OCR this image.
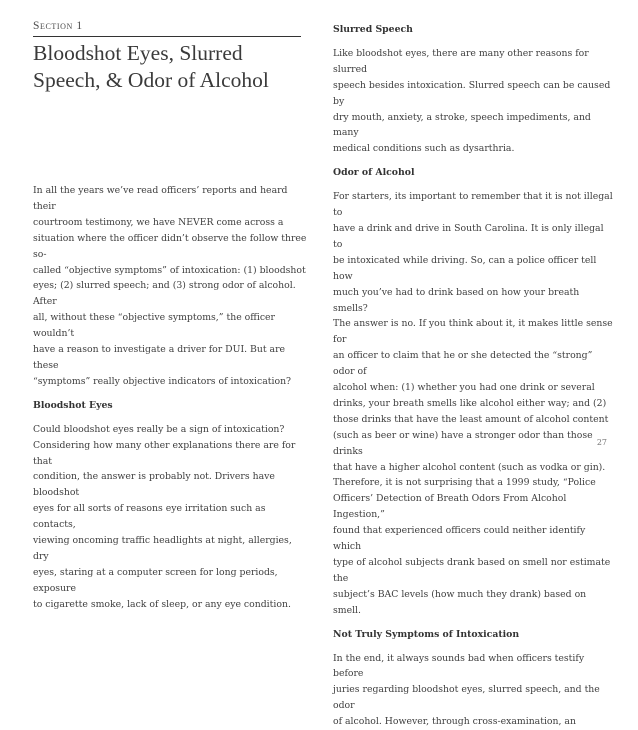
Section 1
Bloodshot Eyes, Slurred
Speech, & Odor of Alcohol

In all the years we’ve read officers’ reports and heard their
courtroom testimony, we have NEVER come across a
situation where the officer didn’t observe the follow three so-
called “objective symptoms” of intoxication: (1) bloodshot
eyes; (2) slurred speech; and (3) strong odor of alcohol. After
all, without these “objective symptoms,” the officer wouldn’t
have a reason to investigate a driver for DUI. But are these
“symptoms” really objective indicators of intoxication?

Bloodshot Eyes

Could bloodshot eyes really be a sign of intoxication?
Considering how many other explanations there are for that
condition, the answer is probably not. Drivers have bloodshot
eyes for all sorts of reasons eye irritation such as contacts,
viewing oncoming traffic headlights at night, allergies, dry
eyes, staring at a computer screen for long periods, exposure
to cigarette smoke, lack of sleep, or any eye condition.

Slurred Speech

Like bloodshot eyes, there are many other reasons for slurred
speech besides intoxication. Slurred speech can be caused by
dry mouth, anxiety, a stroke, speech impediments, and many
medical conditions such as dysarthria.

Odor of Alcohol

For starters, its important to remember that it is not illegal to
have a drink and drive in South Carolina. It is only illegal to
be intoxicated while driving. So, can a police officer tell how
much you’ve had to drink based on how your breath smells?
The answer is no. If you think about it, it makes little sense for
an officer to claim that he or she detected the “strong” odor of
alcohol when: (1) whether you had one drink or several
drinks, your breath smells like alcohol either way; and (2)
those drinks that have the least amount of alcohol content
(such as beer or wine) have a stronger odor than those drinks
that have a higher alcohol content (such as vodka or gin).
Therefore, it is not surprising that a 1999 study, “Police
Officers’ Detection of Breath Odors From Alcohol Ingestion,”
found that experienced officers could neither identify which
type of alcohol subjects drank based on smell nor estimate the
subject’s BAC levels (how much they drank) based on smell.

Not Truly Symptoms of Intoxication

In the end, it always sounds bad when officers testify before
juries regarding bloodshot eyes, slurred speech, and the odor
of alcohol. However, through cross-examination, an

27
